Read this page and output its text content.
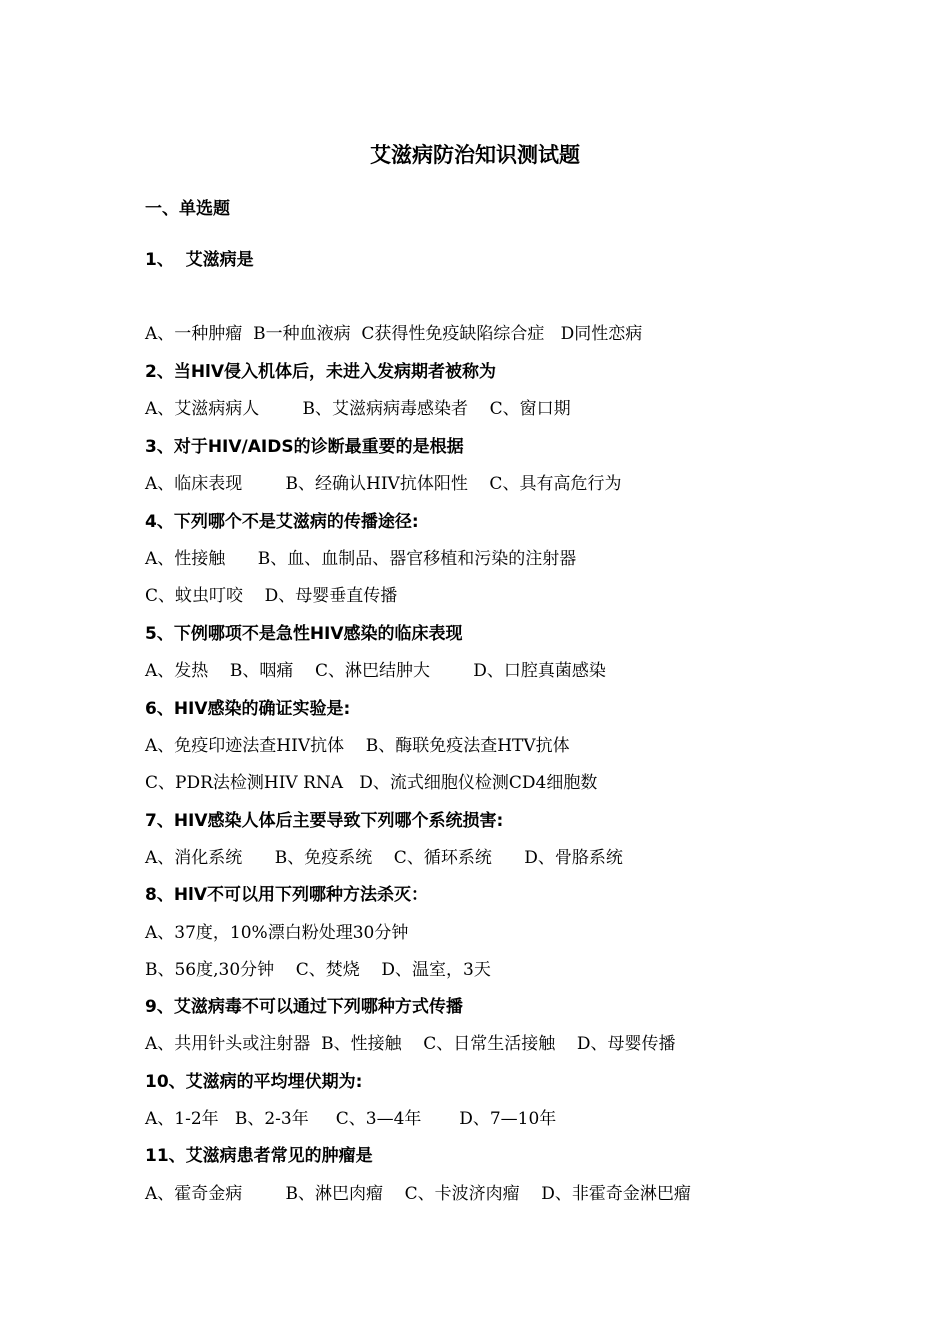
艾滋病防治知识测试题
一、单选题
1、  艾滋病是
A、一种肿瘤  B一种血液病  C获得性免疫缺陷综合症   D同性恋病
2、当HlV侵入机体后，未进入发病期者被称为
A、艾滋病病人        B、艾滋病病毒感染者    C、窗口期
3、对于HIV/AIDS的诊断最重要的是根据
A、临床表现        B、经确认HIV抗体阳性    C、具有高危行为
4、下列哪个不是艾滋病的传播途径:
A、性接触      B、血、血制品、器官移植和污染的注射器
C、蚊虫叮咬    D、母婴垂直传播
5、下例哪项不是急性HIV感染的临床表现
A、发热    B、咽痛    C、淋巴结肿大        D、口腔真菌感染
6、HIV感染的确证实验是:
A、免疫印迹法查HIV抗体    B、酶联免疫法查HTV抗体
C、PDR法检测HIV RNA   D、流式细胞仪检测CD4细胞数
7、HIV感染人体后主要导致下列哪个系统损害:
A、消化系统      B、免疫系统    C、循环系统      D、骨胳系统
8、HlV不可以用下列哪种方法杀灭：
A、37度，10%漂白粉处理30分钟
B、56度,30分钟    C、焚烧    D、温室，3天
9、艾滋病毒不可以通过下列哪种方式传播
A、共用针头或注射器  B、性接触    C、日常生活接触    D、母婴传播
10、艾滋病的平均埋伏期为:
A、1-2年   B、2-3年     C、3—4年       D、7—10年
11、艾滋病患者常见的肿瘤是
A、霍奇金病        B、淋巴肉瘤    C、卡波济肉瘤    D、非霍奇金淋巴瘤
